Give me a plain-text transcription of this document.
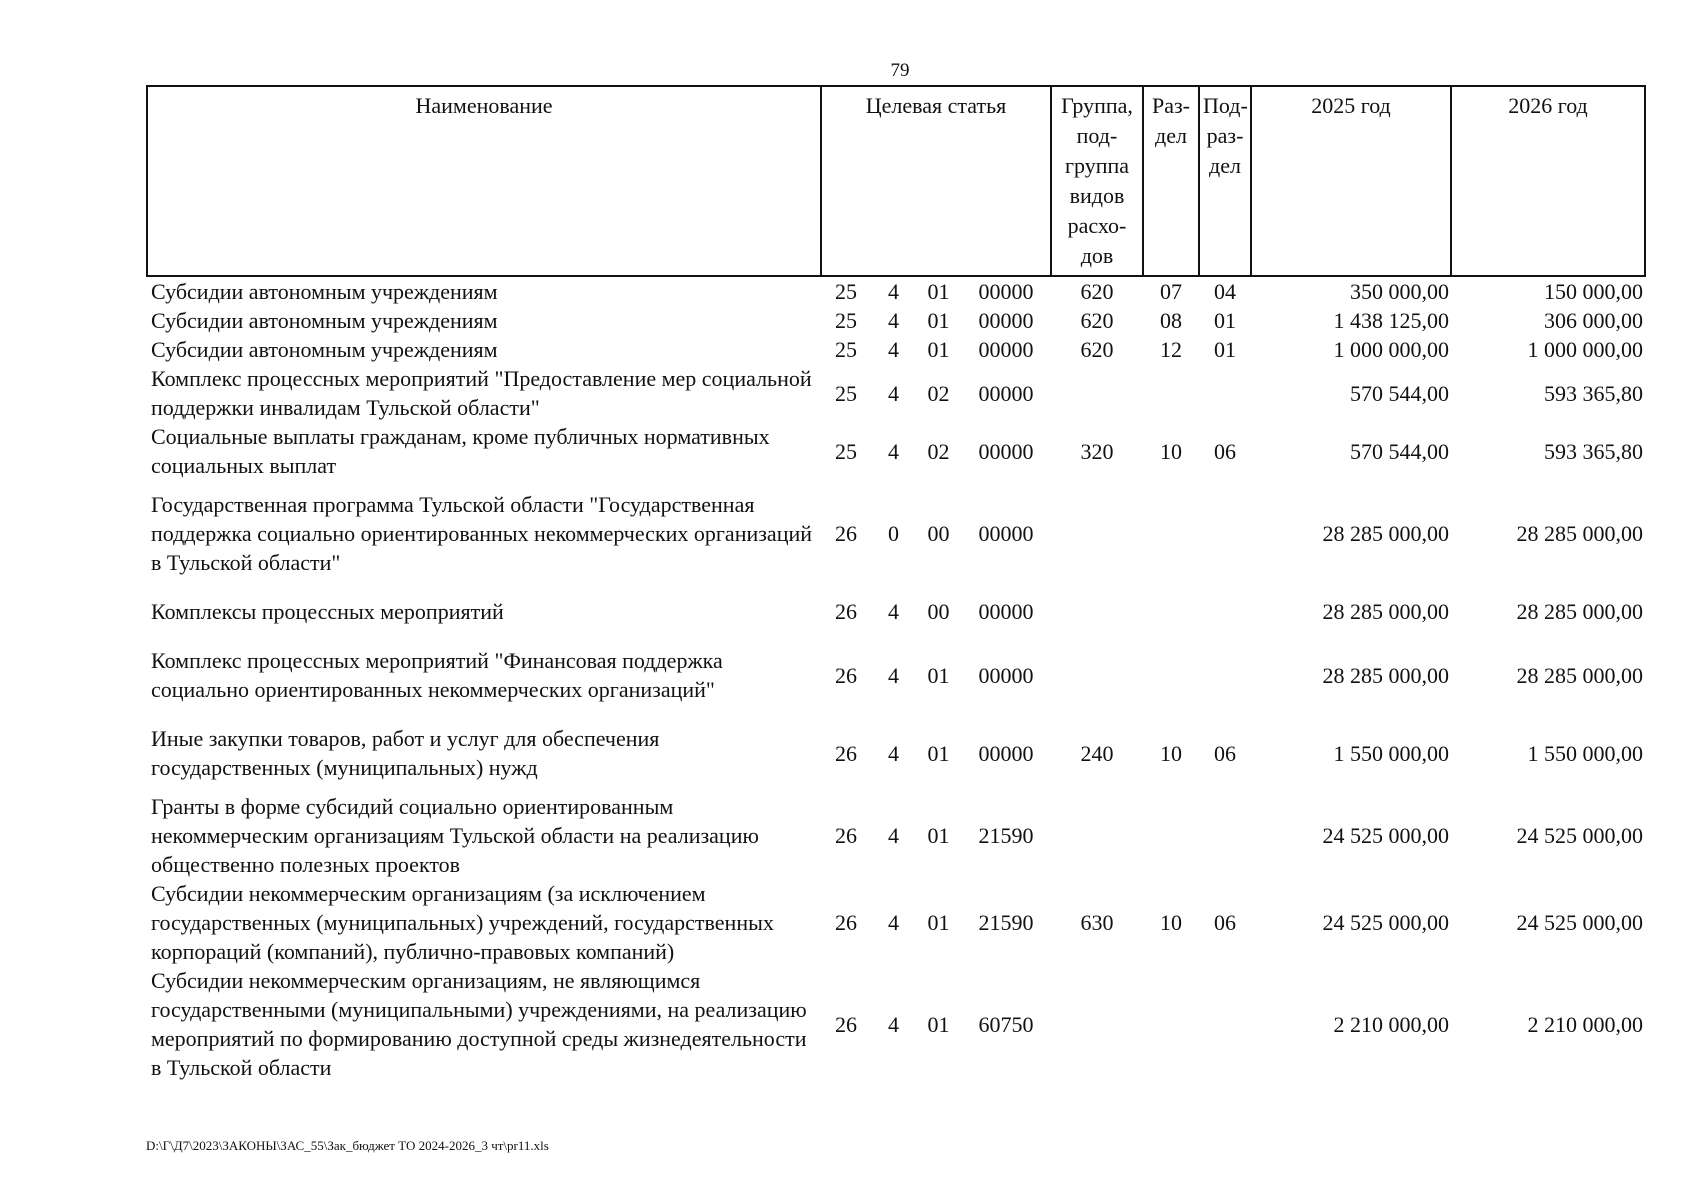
79
Наименование	Целевая статья				Группа, под- группа видов расхо- дов	Раз- дел	Под- раз- дел	2025 год	2026 год
Субсидии автономным учреждениям	25	4	01	00000	620	07	04	350 000,00	150 000,00
Субсидии автономным учреждениям	25	4	01	00000	620	08	01	1 438 125,00	306 000,00
Субсидии автономным учреждениям	25	4	01	00000	620	12	01	1 000 000,00	1 000 000,00
Комплекс процессных мероприятий "Предоставление мер социальной поддержки инвалидам Тульской области"	25	4	02	00000				570 544,00	593 365,80
Социальные выплаты гражданам, кроме публичных нормативных социальных выплат	25	4	02	00000	320	10	06	570 544,00	593 365,80
Государственная программа Тульской области "Государственная поддержка социально ориентированных некоммерческих организаций в Тульской области"	26	0	00	00000				28 285 000,00	28 285 000,00
Комплексы процессных мероприятий	26	4	00	00000				28 285 000,00	28 285 000,00
Комплекс процессных мероприятий "Финансовая поддержка социально ориентированных некоммерческих организаций"	26	4	01	00000				28 285 000,00	28 285 000,00
Иные закупки товаров, работ и услуг для обеспечения государственных (муниципальных) нужд	26	4	01	00000	240	10	06	1 550 000,00	1 550 000,00
Гранты в форме субсидий социально ориентированным некоммерческим организациям Тульской области на реализацию общественно полезных проектов	26	4	01	21590				24 525 000,00	24 525 000,00
Субсидии некоммерческим организациям (за исключением государственных (муниципальных) учреждений, государственных корпораций (компаний), публично-правовых компаний)	26	4	01	21590	630	10	06	24 525 000,00	24 525 000,00
Субсидии некоммерческим организациям, не являющимся государственными (муниципальными) учреждениями, на реализацию мероприятий по формированию доступной среды жизнедеятельности в Тульской области	26	4	01	60750				2 210 000,00	2 210 000,00
D:\Г\Д7\2023\ЗАКОНЫ\ЗАС_55\Зак_бюджет ТО 2024-2026_3 чт\pr11.xls
